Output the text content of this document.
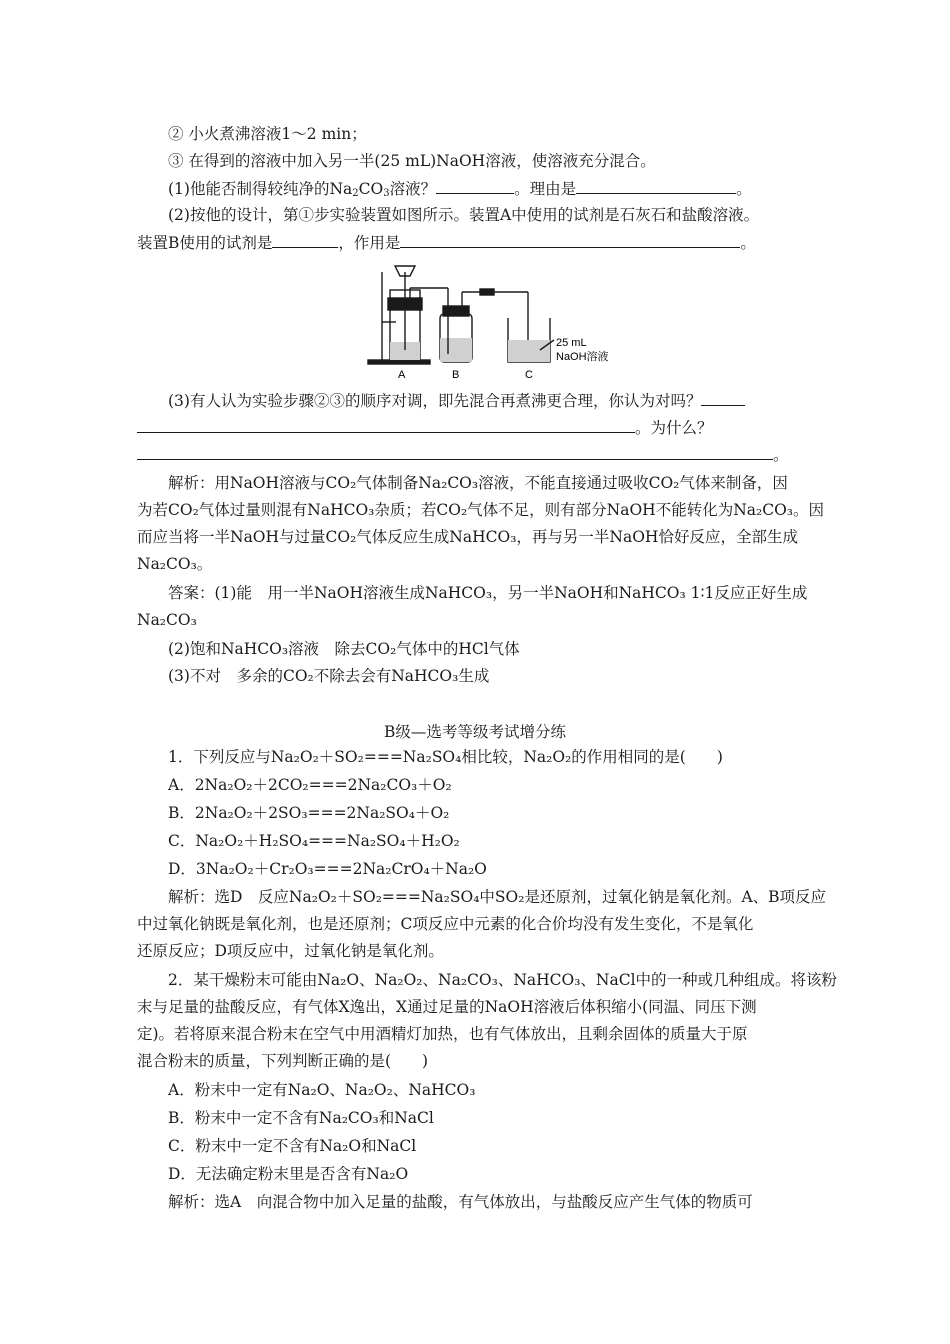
② 小火煮沸溶液1～2 min；
③ 在得到的溶液中加入另一半(25 mL)NaOH溶液，使溶液充分混合。
(1)他能否制得较纯净的$Na_2CO_3$溶液？	。理由是	。
(2)按他的设计，第①步实验装置如图所示。装置A中使用的试剂是石灰石和盐酸溶液。
装置B使用的试剂是	，作用是	。
A	B	C
25 mL
NaOH溶液
(3)有人认为实验步骤②③的顺序对调，即先混合再煮沸更合理，你认为对吗？
。为什么？
。
解析：用NaOH溶液与CO₂气体制备Na₂CO₃溶液，不能直接通过吸收CO₂气体来制备，因
为若CO₂气体过量则混有NaHCO₃杂质；若CO₂气体不足，则有部分NaOH不能转化为Na₂CO₃。因
而应当将一半NaOH与过量CO₂气体反应生成NaHCO₃，再与另一半NaOH恰好反应，全部生成
Na₂CO₃。
答案：(1)能　用一半NaOH溶液生成NaHCO₃，另一半NaOH和NaHCO₃ 1∶1反应正好生成
Na₂CO₃
(2)饱和NaHCO₃溶液　除去CO₂气体中的HCl气体
(3)不对　多余的CO₂不除去会有NaHCO₃生成
B级—选考等级考试增分练
1．下列反应与Na₂O₂＋SO₂===Na₂SO₄相比较，Na₂O₂的作用相同的是(　　)
A．2Na₂O₂＋2CO₂===2Na₂CO₃＋O₂
B．2Na₂O₂＋2SO₃===2Na₂SO₄＋O₂
C．Na₂O₂＋H₂SO₄===Na₂SO₄＋H₂O₂
D．3Na₂O₂＋Cr₂O₃===2Na₂CrO₄＋Na₂O
解析：选D　反应Na₂O₂＋SO₂===Na₂SO₄中SO₂是还原剂，过氧化钠是氧化剂。A、B项反应
中过氧化钠既是氧化剂，也是还原剂；C项反应中元素的化合价均没有发生变化，不是氧化
还原反应；D项反应中，过氧化钠是氧化剂。
2．某干燥粉末可能由Na₂O、Na₂O₂、Na₂CO₃、NaHCO₃、NaCl中的一种或几种组成。将该粉
末与足量的盐酸反应，有气体X逸出，X通过足量的NaOH溶液后体积缩小(同温、同压下测
定)。若将原来混合粉末在空气中用酒精灯加热，也有气体放出，且剩余固体的质量大于原
混合粉末的质量，下列判断正确的是(　　)
A．粉末中一定有Na₂O、Na₂O₂、NaHCO₃
B．粉末中一定不含有Na₂CO₃和NaCl
C．粉末中一定不含有Na₂O和NaCl
D．无法确定粉末里是否含有Na₂O
解析：选A　向混合物中加入足量的盐酸，有气体放出，与盐酸反应产生气体的物质可
